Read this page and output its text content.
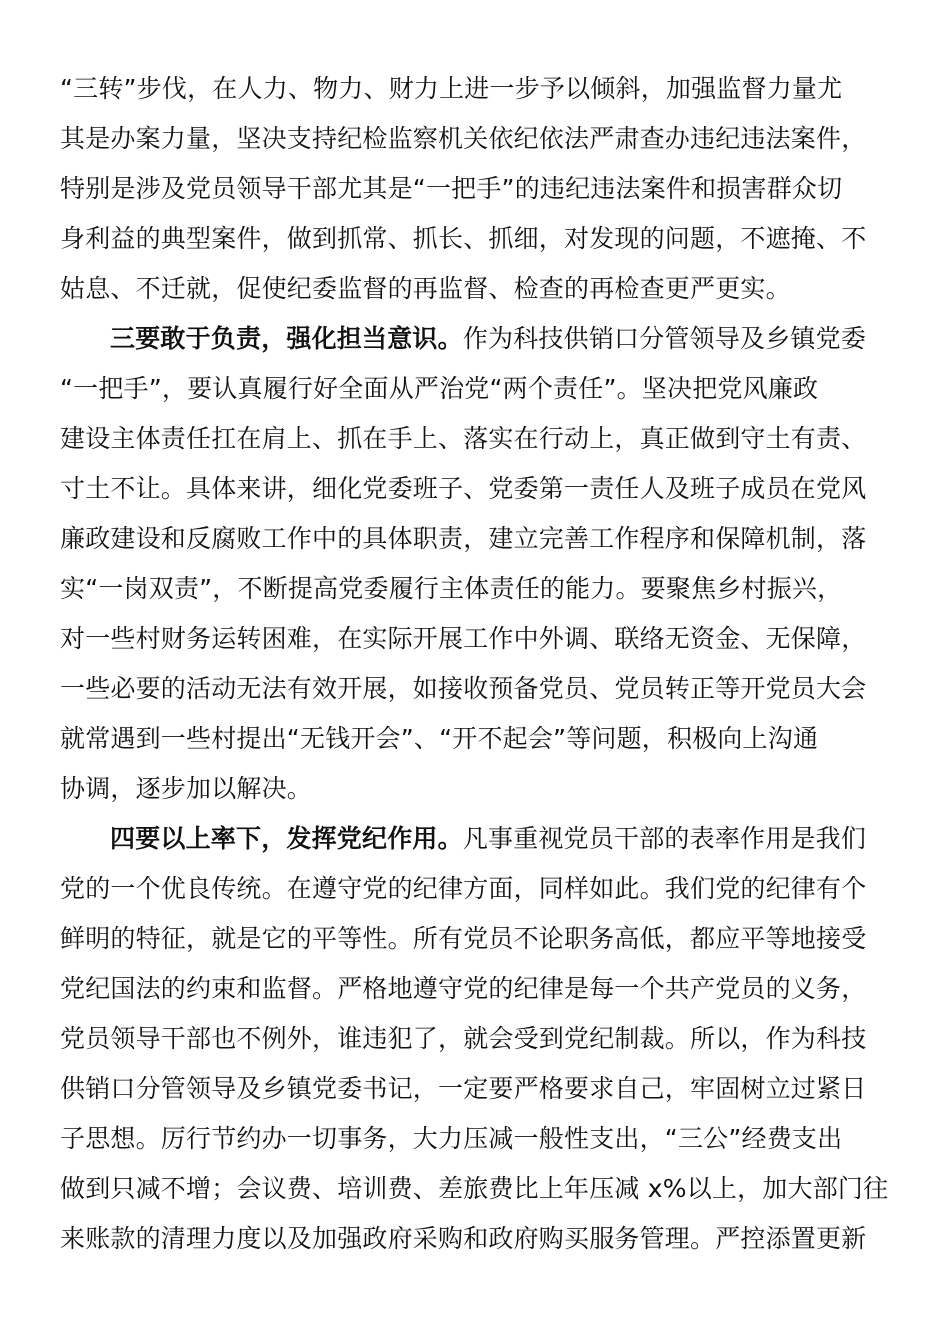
“三转”步伐，在人力、物力、财力上进一步予以倾斜，加强监督力量尤
其是办案力量，坚决支持纪检监察机关依纪依法严肃查办违纪违法案件，
特别是涉及党员领导干部尤其是“一把手”的违纪违法案件和损害群众切
身利益的典型案件，做到抓常、抓长、抓细，对发现的问题，不遮掩、不
姑息、不迁就，促使纪委监督的再监督、检查的再检查更严更实。
三要敢于负责，强化担当意识。作为科技供销口分管领导及乡镇党委
“一把手”，要认真履行好全面从严治党“两个责任”。坚决把党风廉政
建设主体责任扛在肩上、抓在手上、落实在行动上，真正做到守土有责、
寸土不让。具体来讲，细化党委班子、党委第一责任人及班子成员在党风
廉政建设和反腐败工作中的具体职责，建立完善工作程序和保障机制，落
实“一岗双责”，不断提高党委履行主体责任的能力。要聚焦乡村振兴，
对一些村财务运转困难，在实际开展工作中外调、联络无资金、无保障，
一些必要的活动无法有效开展，如接收预备党员、党员转正等开党员大会
就常遇到一些村提出“无钱开会”、“开不起会”等问题，积极向上沟通
协调，逐步加以解决。
四要以上率下，发挥党纪作用。凡事重视党员干部的表率作用是我们
党的一个优良传统。在遵守党的纪律方面，同样如此。我们党的纪律有个
鲜明的特征，就是它的平等性。所有党员不论职务高低，都应平等地接受
党纪国法的约束和监督。严格地遵守党的纪律是每一个共产党员的义务，
党员领导干部也不例外，谁违犯了，就会受到党纪制裁。所以，作为科技
供销口分管领导及乡镇党委书记，一定要严格要求自己，牢固树立过紧日
子思想。厉行节约办一切事务，大力压减一般性支出，“三公”经费支出
做到只减不增；会议费、培训费、差旅费比上年压减 x%以上，加大部门往
来账款的清理力度以及加强政府采购和政府购买服务管理。严控添置更新
